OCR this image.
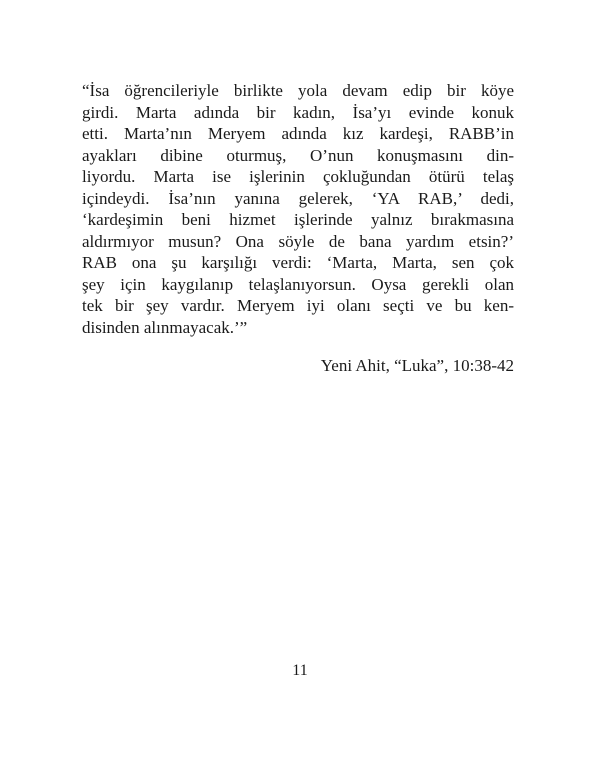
“İsa öğrencileriyle birlikte yola devam edip bir köye
girdi. Marta adında bir kadın, İsa’yı evinde konuk
etti. Marta’nın Meryem adında kız kardeşi, RABB’in
ayakları dibine oturmuş, O’nun konuşmasını din-
liyordu. Marta ise işlerinin çokluğundan ötürü telaş
içindeydi. İsa’nın yanına gelerek, ‘YA RAB,’ dedi,
‘kardeşimin beni hizmet işlerinde yalnız bırakmasına
aldırmıyor musun? Ona söyle de bana yardım etsin?’
RAB ona şu karşılığı verdi: ‘Marta, Marta, sen çok
şey için kaygılanıp telaşlanıyorsun. Oysa gerekli olan
tek bir şey vardır. Meryem iyi olanı seçti ve bu ken-
disinden alınmayacak.’”
Yeni Ahit, “Luka”, 10:38-42
11
